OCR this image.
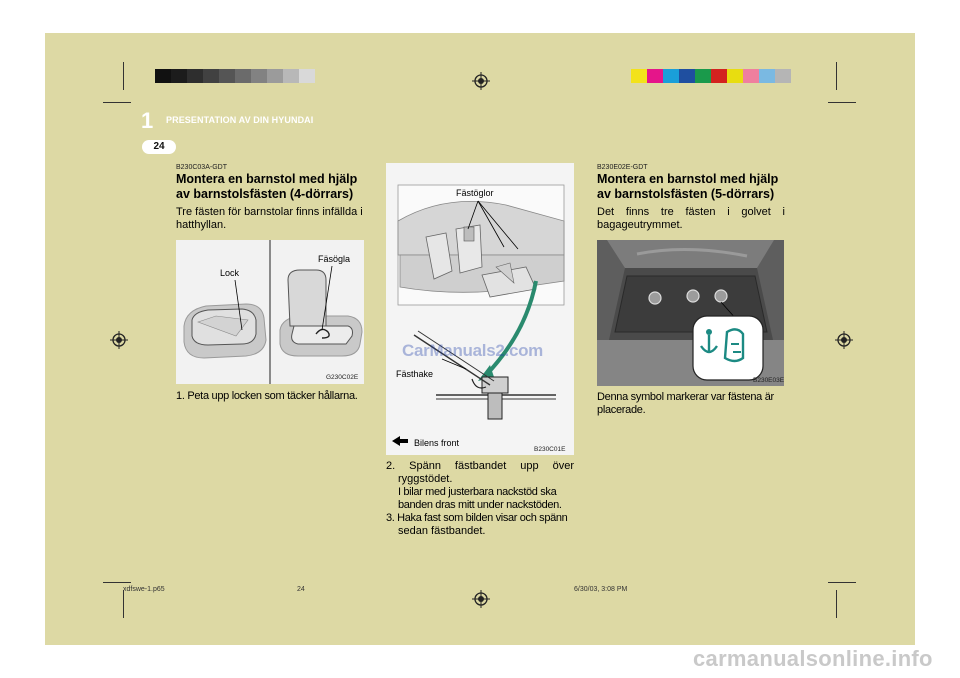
1 PRESENTATION AV DIN HYUNDAI
24
B230C03A-GDT
Montera en barnstol med hjälp av barnstolsfästen (4-dörrars)
Tre fästen för barnstolar finns infällda i hatthyllan.
Lock
Fäsögla
G230C02E
1. Peta upp locken som täcker hållarna.
Fästöglor
CarManuals2.com
Fästhake
Bilens front
B230C01E
2. Spänn fästbandet upp över
ryggstödet.
I bilar med justerbara nackstöd ska banden dras mitt under nackstöden.
3. Haka fast som bilden visar och spänn
sedan fästbandet.
B230E02E-GDT
Montera en barnstol med hjälp av barnstolsfästen (5-dörrars)
Det finns tre fästen i golvet i bagageutrymmet.
B230E03E
Denna symbol markerar var fästena är placerade.
xdfswe-1.p65	24	6/30/03, 3:08 PM
carmanualsonline.info
